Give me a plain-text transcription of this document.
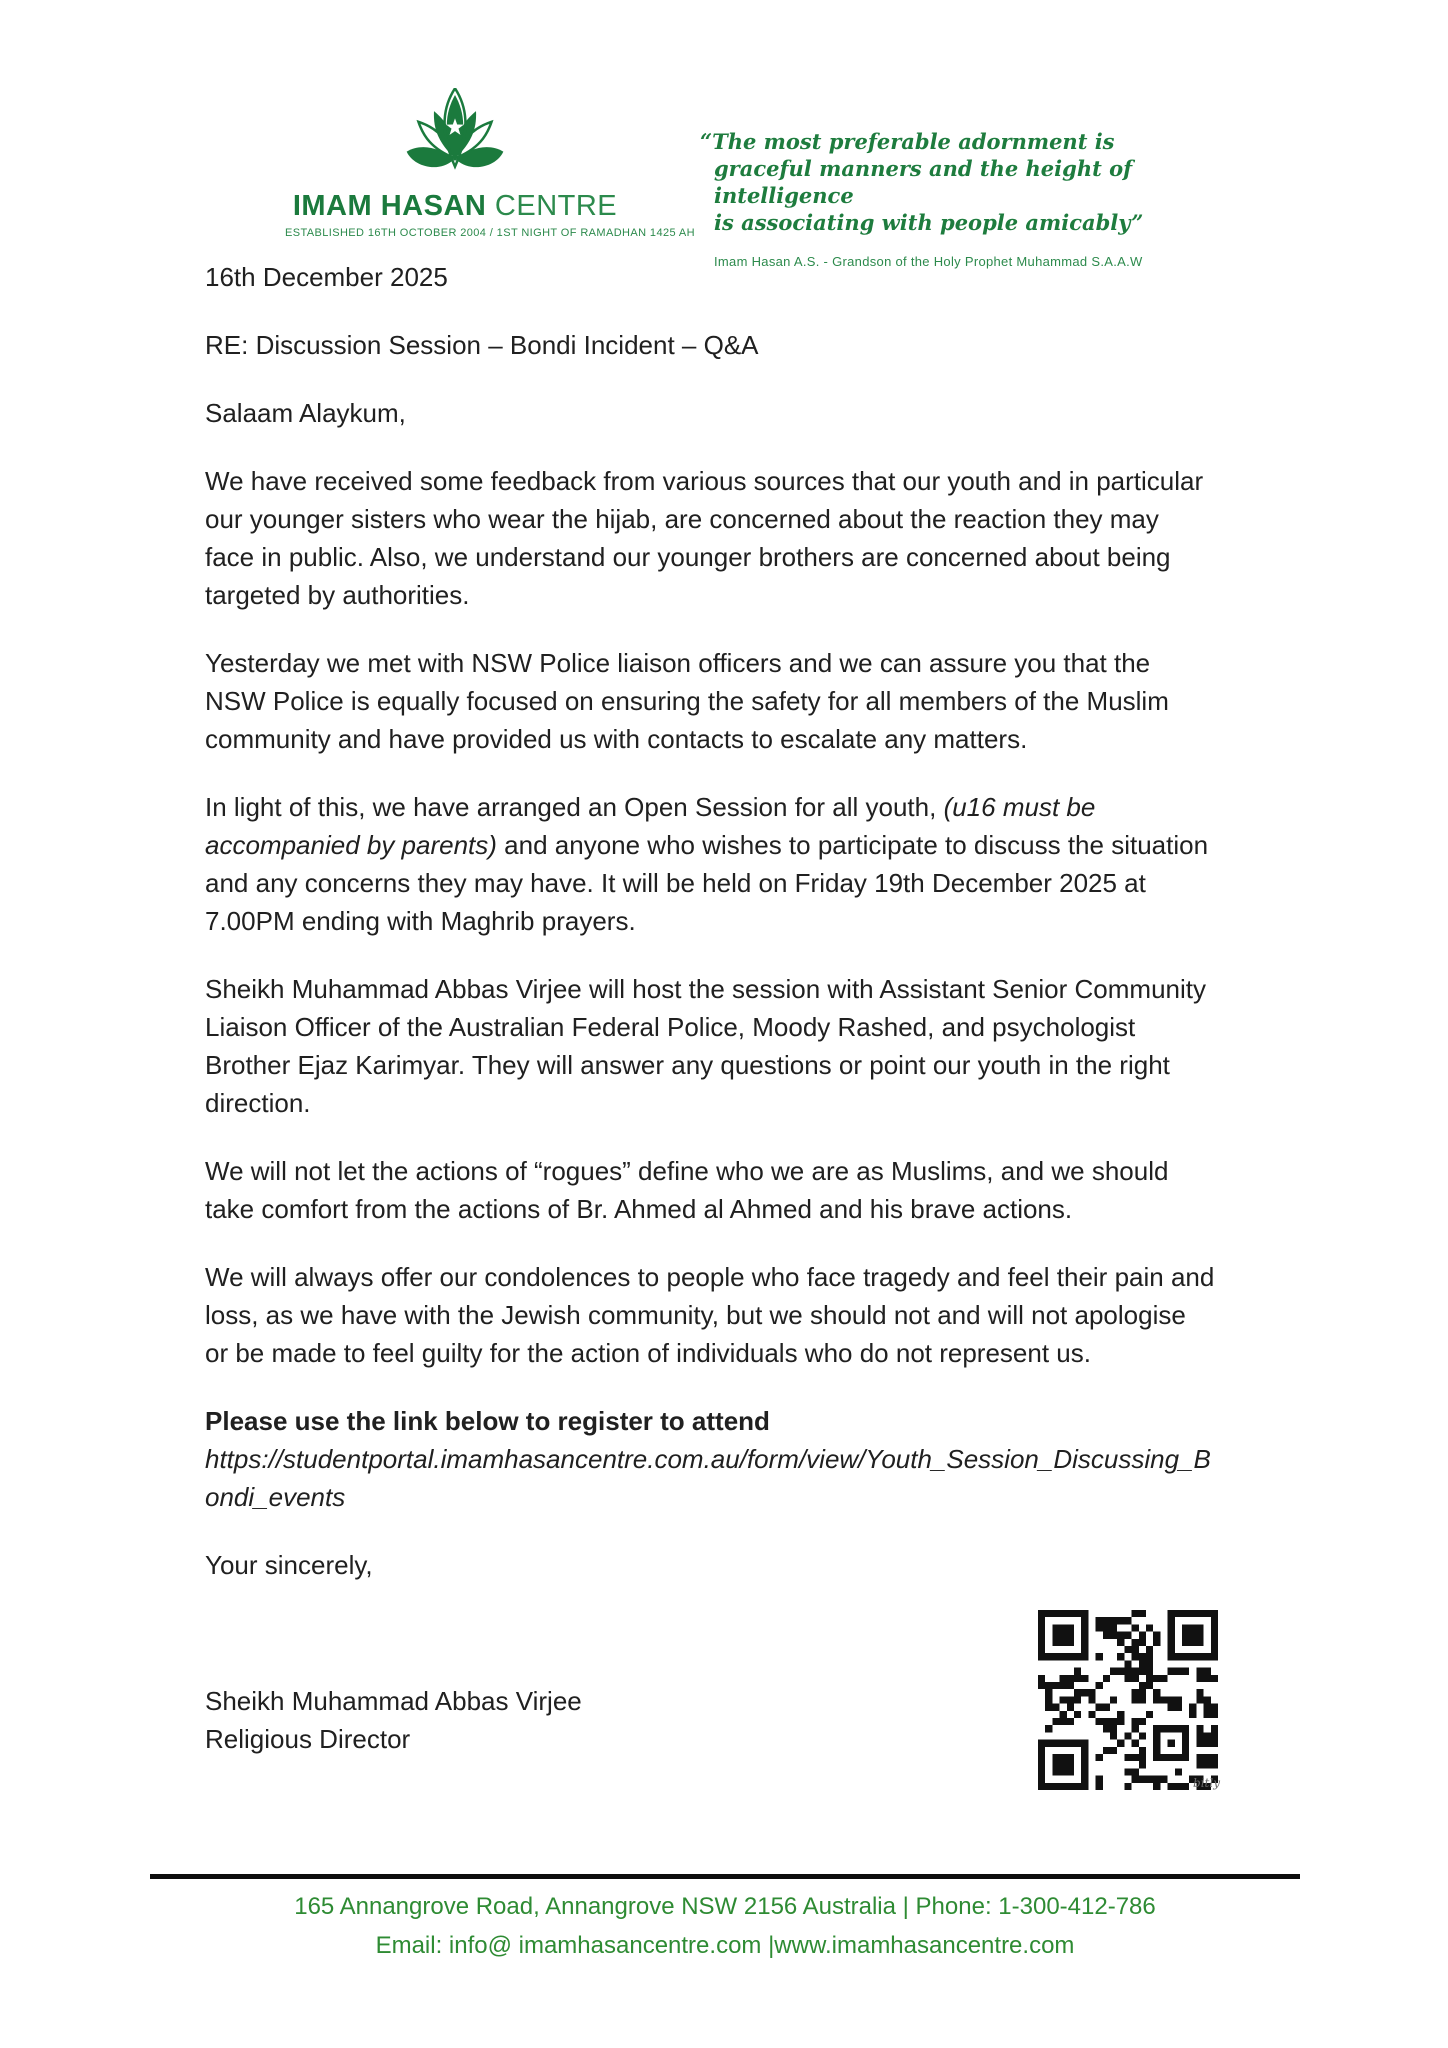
IMAM HASAN CENTRE
ESTABLISHED 16TH OCTOBER 2004 / 1ST NIGHT OF RAMADHAN 1425 AH
“The most preferable adornment is
graceful manners and the height of intelligence
is associating with people amicably”
Imam Hasan A.S. - Grandson of the Holy Prophet Muhammad S.A.A.W

16th December 2025

RE: Discussion Session – Bondi Incident – Q&A

Salaam Alaykum,

We have received some feedback from various sources that our youth and in particular our younger sisters who wear the hijab, are concerned about the reaction they may face in public. Also, we understand our younger brothers are concerned about being targeted by authorities.

Yesterday we met with NSW Police liaison officers and we can assure you that the NSW Police is equally focused on ensuring the safety for all members of the Muslim community and have provided us with contacts to escalate any matters.

In light of this, we have arranged an Open Session for all youth, (u16 must be accompanied by parents) and anyone who wishes to participate to discuss the situation and any concerns they may have. It will be held on Friday 19th December 2025 at 7.00PM ending with Maghrib prayers.

Sheikh Muhammad Abbas Virjee will host the session with Assistant Senior Community Liaison Officer of the Australian Federal Police, Moody Rashed, and psychologist Brother Ejaz Karimyar. They will answer any questions or point our youth in the right direction.

We will not let the actions of “rogues” define who we are as Muslims, and we should take comfort from the actions of Br. Ahmed al Ahmed and his brave actions.

We will always offer our condolences to people who face tragedy and feel their pain and loss, as we have with the Jewish community, but we should not and will not apologise or be made to feel guilty for the action of individuals who do not represent us.

Please use the link below to register to attend

https://studentportal.imamhasancentre.com.au/form/view/Youth_Session_Discussing_Bondi_events

Your sincerely,

Sheikh Muhammad Abbas Virjee
Religious Director
bitly
165 Annangrove Road, Annangrove NSW 2156 Australia | Phone: 1-300-412-786
Email: info@ imamhasancentre.com |www.imamhasancentre.com
